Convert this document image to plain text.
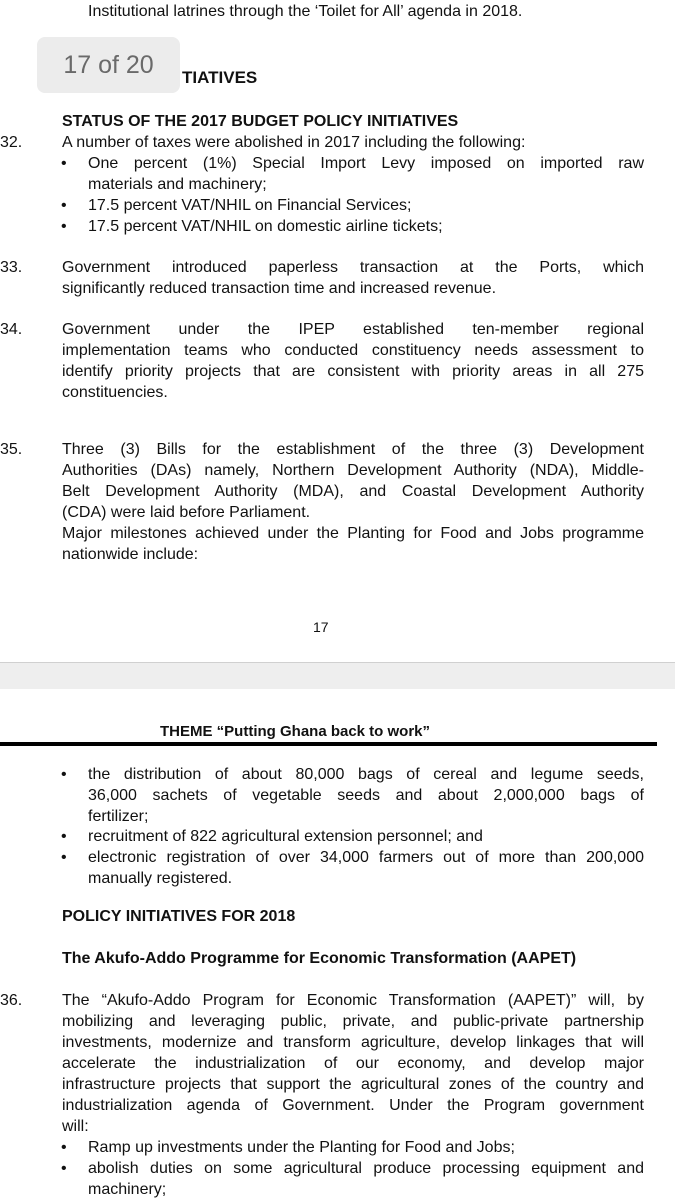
Institutional latrines through the ‘Toilet for All’ agenda in 2018.
17 of 20	TIATIVES
STATUS OF THE 2017 BUDGET POLICY INITIATIVES
32. A number of taxes were abolished in 2017 including the following:
• One percent (1%) Special Import Levy imposed on imported raw
materials and machinery;
• 17.5 percent VAT/NHIL on Financial Services;
• 17.5 percent VAT/NHIL on domestic airline tickets;
33. Government introduced paperless transaction at the Ports, which
significantly reduced transaction time and increased revenue.
34. Government under the IPEP established ten-member regional
implementation teams who conducted constituency needs assessment to
identify priority projects that are consistent with priority areas in all 275
constituencies.
35. Three (3) Bills for the establishment of the three (3) Development
Authorities (DAs) namely, Northern Development Authority (NDA), Middle-
Belt Development Authority (MDA), and Coastal Development Authority
(CDA) were laid before Parliament.
Major milestones achieved under the Planting for Food and Jobs programme
nationwide include:
17
THEME “Putting Ghana back to work”
• the distribution of about 80,000 bags of cereal and legume seeds,
36,000 sachets of vegetable seeds and about 2,000,000 bags of
fertilizer;
• recruitment of 822 agricultural extension personnel; and
• electronic registration of over 34,000 farmers out of more than 200,000
manually registered.
POLICY INITIATIVES FOR 2018
The Akufo-Addo Programme for Economic Transformation (AAPET)
36. The “Akufo-Addo Program for Economic Transformation (AAPET)” will, by
mobilizing and leveraging public, private, and public-private partnership
investments, modernize and transform agriculture, develop linkages that will
accelerate the industrialization of our economy, and develop major
infrastructure projects that support the agricultural zones of the country and
industrialization agenda of Government. Under the Program government
will:
• Ramp up investments under the Planting for Food and Jobs;
• abolish duties on some agricultural produce processing equipment and
machinery;
